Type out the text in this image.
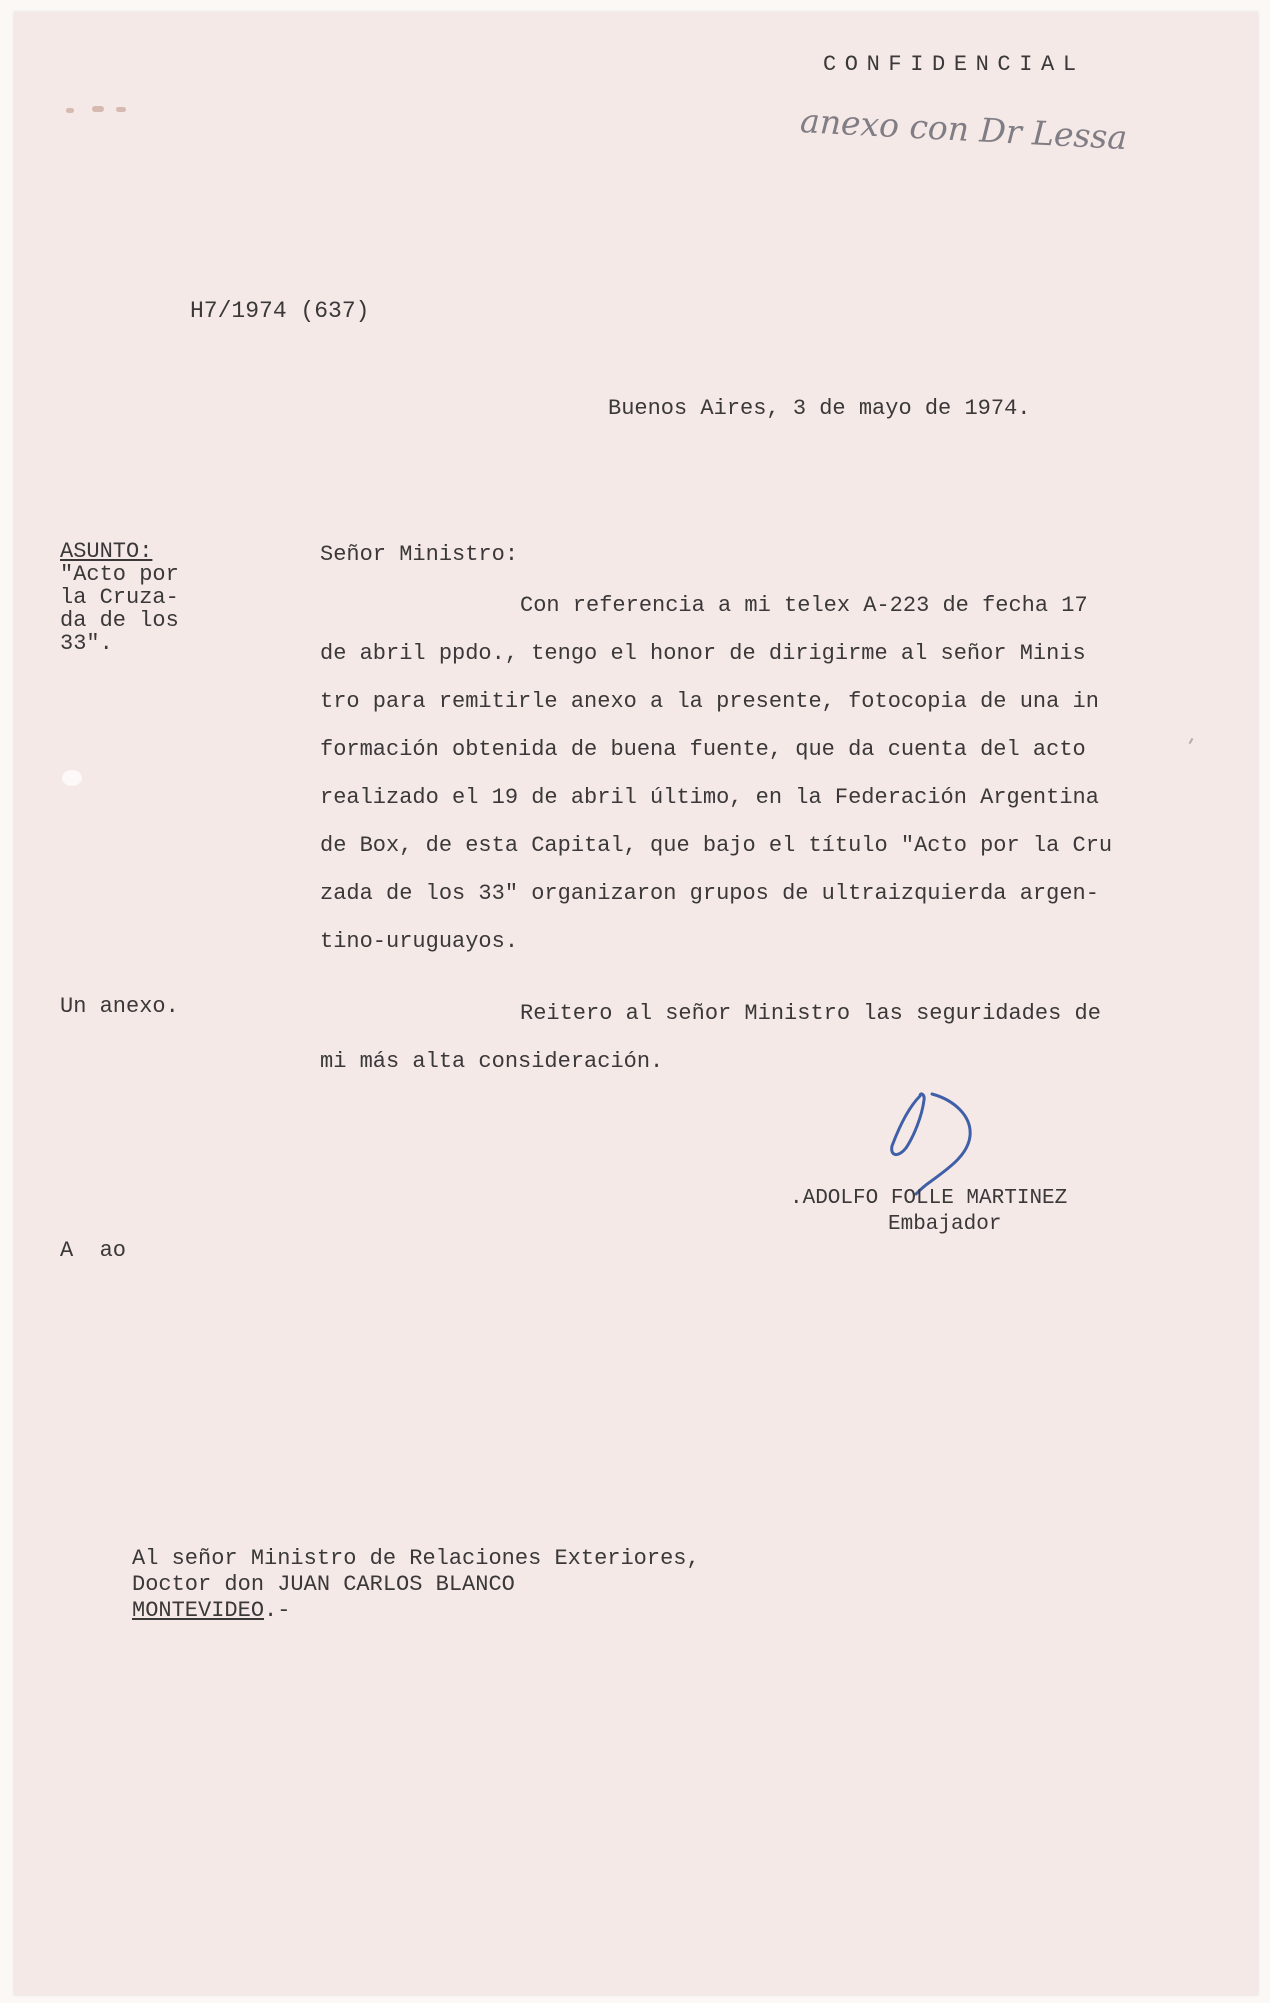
CONFIDENCIAL
anexo con Dr Lessa
H7/1974 (637)
Buenos Aires, 3 de mayo de 1974.
ASUNTO:
"Acto por
la Cruza-
da de los
33".
Señor Ministro:
Con referencia a mi telex A-223 de fecha 17
de abril ppdo., tengo el honor de dirigirme al señor Minis
tro para remitirle anexo a la presente, fotocopia de una in
formación obtenida de buena fuente, que da cuenta del acto
realizado el 19 de abril último, en la Federación Argentina
de Box, de esta Capital, que bajo el título "Acto por la Cru
zada de los 33" organizaron grupos de ultraizquierda argen-
tino-uruguayos.
Un anexo.	Reitero al señor Ministro las seguridades de
mi más alta consideración.
.ADOLFO FOLLE MARTINEZ
Embajador
A  ao
Al señor Ministro de Relaciones Exteriores,
Doctor don JUAN CARLOS BLANCO
MONTEVIDEO.-
